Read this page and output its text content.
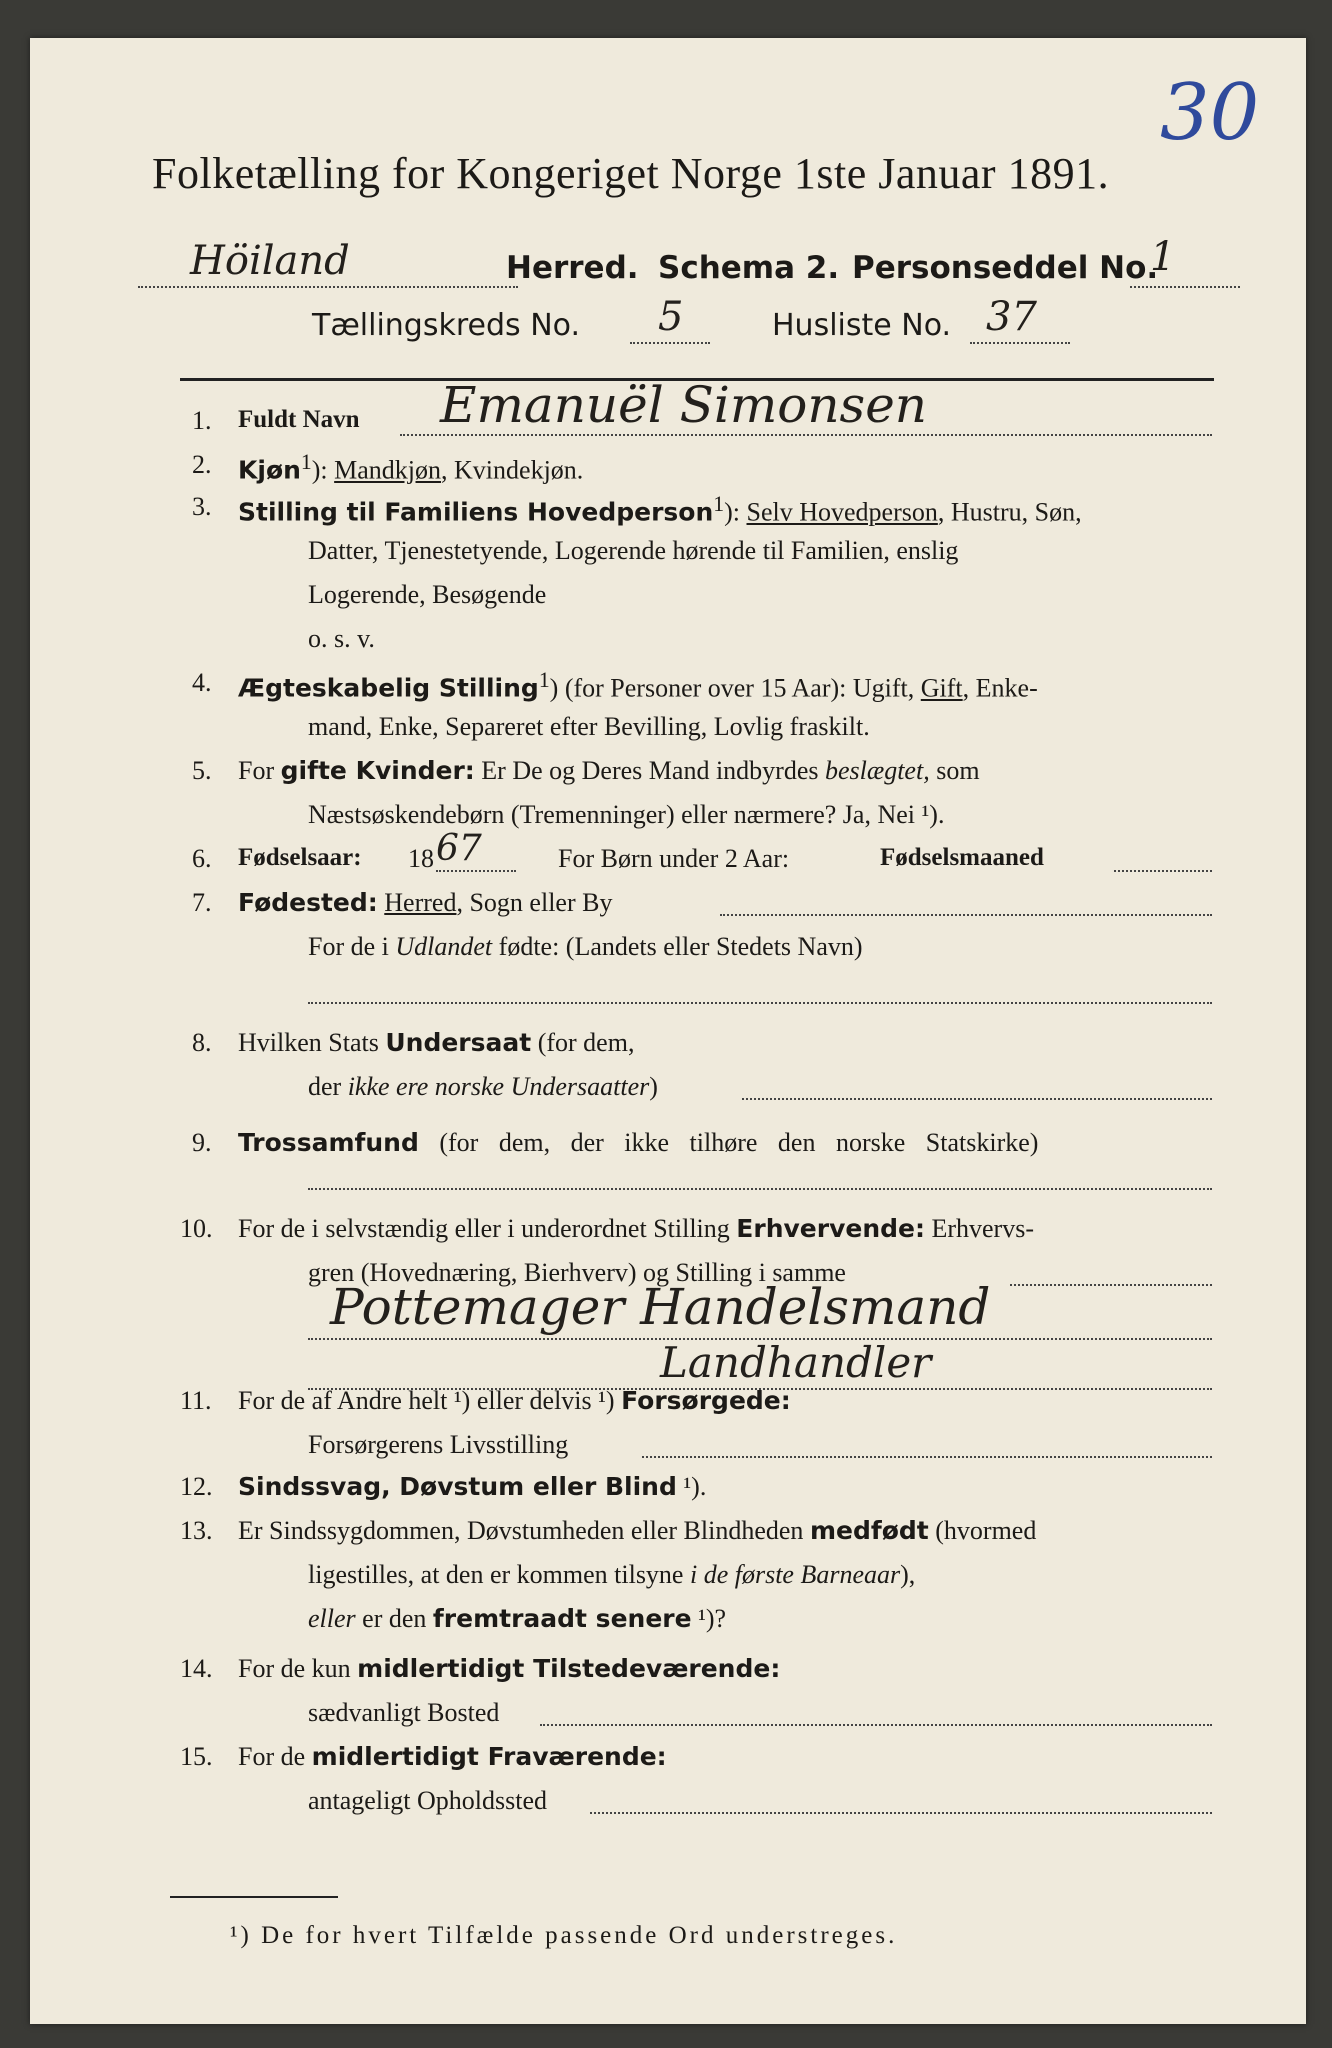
30
Folketælling for Kongeriget Norge 1ste Januar 1891.
Höiland	Herred. Schema 2. Personseddel No.
1
Tællingskreds No. 5	Husliste No. 37
1. Fuldt Navn Emanuël Simonsen
2. Kjøn$^1$): Mandkjøn, Kvindekjøn.
3. Stilling til Familiens Hovedperson$^1$): Selv Hovedperson, Hustru, Søn,
Datter, Tjenestetyende, Logerende hørende til Familien, enslig
Logerende, Besøgende
o. s. v.
4. Ægteskabelig Stilling$^1$) (for Personer over 15 Aar): Ugift, Gift, Enke-
mand, Enke, Separeret efter Bevilling, Lovlig fraskilt.
5. For gifte Kvinder: Er De og Deres Mand indbyrdes beslægtet, som
Næstsøskendebørn (Tremenninger) eller nærmere? Ja, Nei ¹).
6. Fødselsaar: 18 67	For Børn under 2 Aar:	Fødselsmaaned
7. Fødested: Herred, Sogn eller By
For de i Udlandet fødte: (Landets eller Stedets Navn)
8. Hvilken Stats Undersaat (for dem,
der ikke ere norske Undersaatter)
9. Trossamfund (for dem, der ikke tilhøre den norske Statskirke)
10. For de i selvstændig eller i underordnet Stilling Erhvervende: Erhvervs-
gren (Hovednæring, Bierhverv) og Stilling i samme
Pottemager Handelsmand
Landhandler
11. For de af Andre helt ¹) eller delvis ¹) Forsørgede:
Forsørgerens Livsstilling
12. Sindssvag, Døvstum eller Blind ¹).
13. Er Sindssygdommen, Døvstumheden eller Blindheden medfødt (hvormed
ligestilles, at den er kommen tilsyne i de første Barneaar),
eller er den fremtraadt senere ¹)?
14. For de kun midlertidigt Tilstedeværende:
sædvanligt Bosted
15. For de midlertidigt Fraværende:
antageligt Opholdssted
¹) De for hvert Tilfælde passende Ord understreges.
